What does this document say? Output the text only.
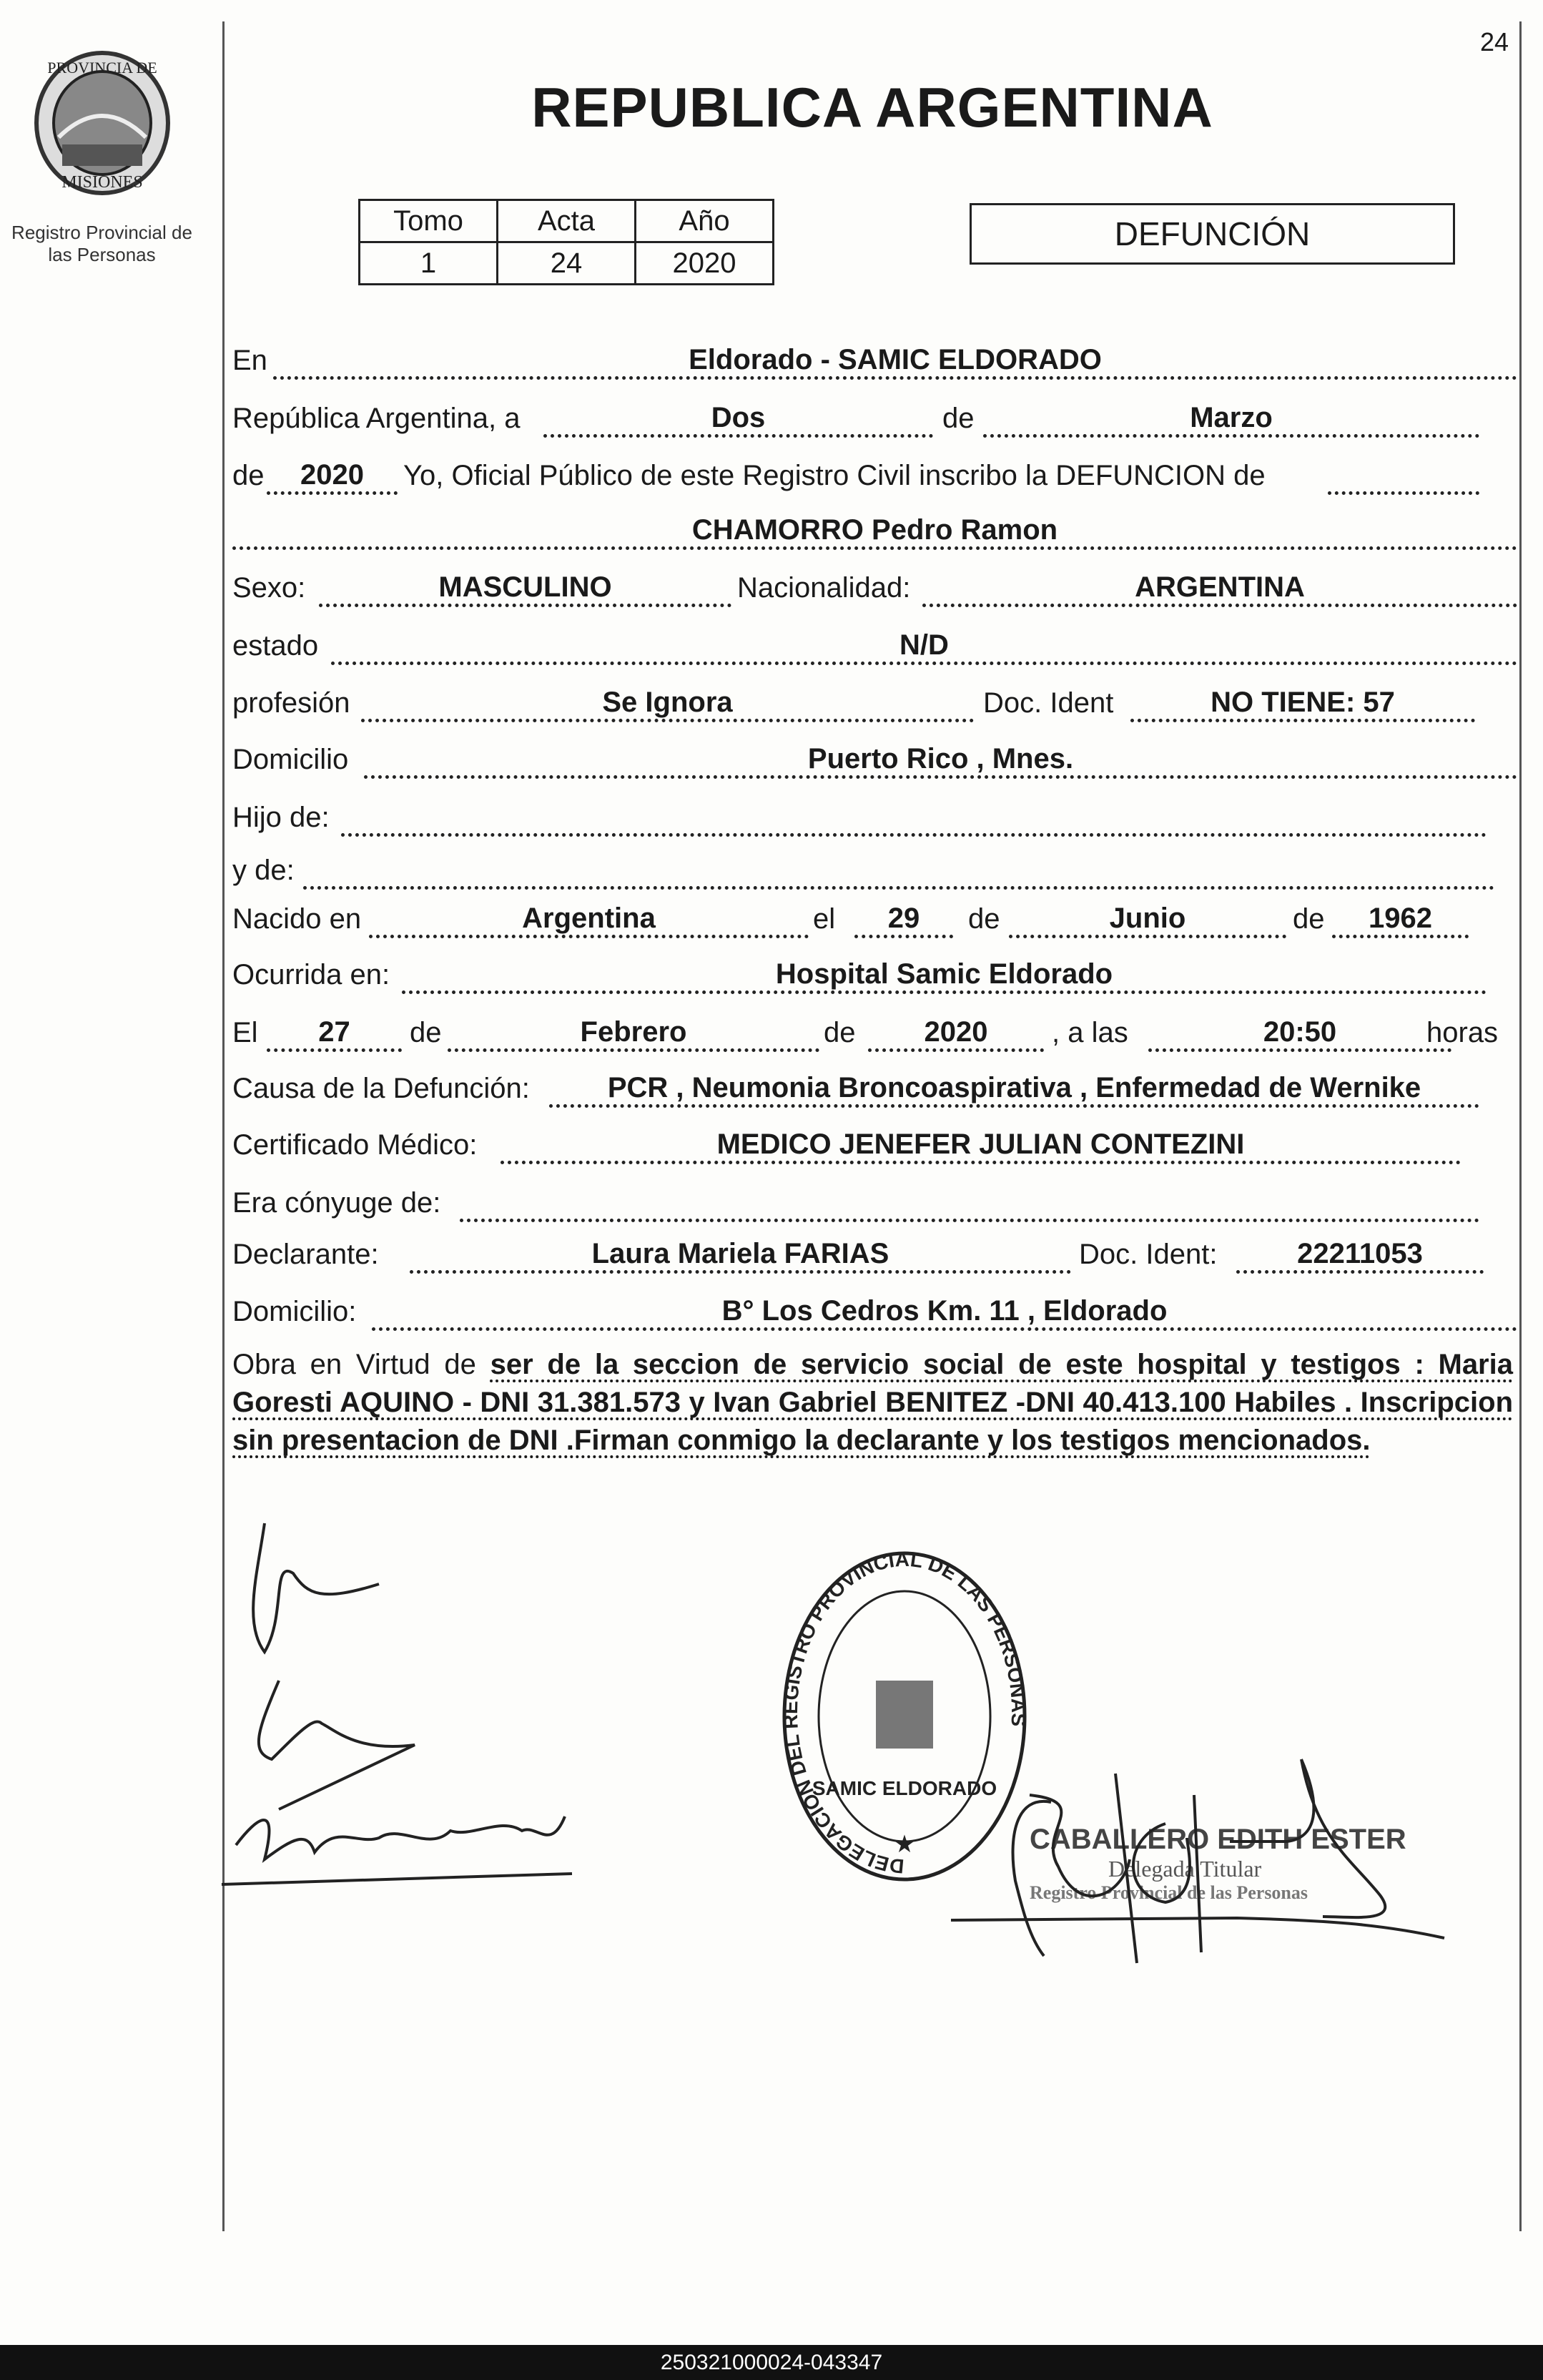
24
PROVINCIA DE
MISIONES
Registro Provincial de
las Personas
REPUBLICA ARGENTINA
Tomo	Acta	Año
1	24	2020
DEFUNCIÓN
En	Eldorado - SAMIC ELDORADO
República Argentina, a	Dos	de	Marzo
de	2020	Yo, Oficial Público de este Registro Civil inscribo la DEFUNCION de
CHAMORRO Pedro Ramon
Sexo:	MASCULINO	Nacionalidad:	ARGENTINA
estado	N/D
profesión	Se Ignora	Doc. Ident	NO TIENE: 57
Domicilio	Puerto Rico , Mnes.
Hijo de:
y de:
Nacido en	Argentina	el	29	de	Junio	de	1962
Ocurrida en:	Hospital Samic Eldorado
El	27	de	Febrero	de	2020	, a las	20:50	horas
Causa de la Defunción:	PCR , Neumonia Broncoaspirativa , Enfermedad de Wernike
Certificado Médico:	MEDICO JENEFER JULIAN CONTEZINI
Era cónyuge de:
Declarante:	Laura Mariela FARIAS	Doc. Ident:	22211053
Domicilio:	B° Los Cedros Km. 11 , Eldorado
Obra en Virtud de ser de la seccion de servicio social de este hospital y testigos : Maria Goresti AQUINO - DNI 31.381.573 y Ivan Gabriel BENITEZ -DNI 40.413.100 Habiles . Inscripcion sin presentacion de DNI .Firman conmigo la declarante y los testigos mencionados.
DELEGACION DEL REGISTRO PROVINCIAL DE LAS PERSONAS
SAMIC ELDORADO
★	CABALLERO EDITH ESTER
Delegada Titular
Registro Provincial de las Personas
250321000024-043347
